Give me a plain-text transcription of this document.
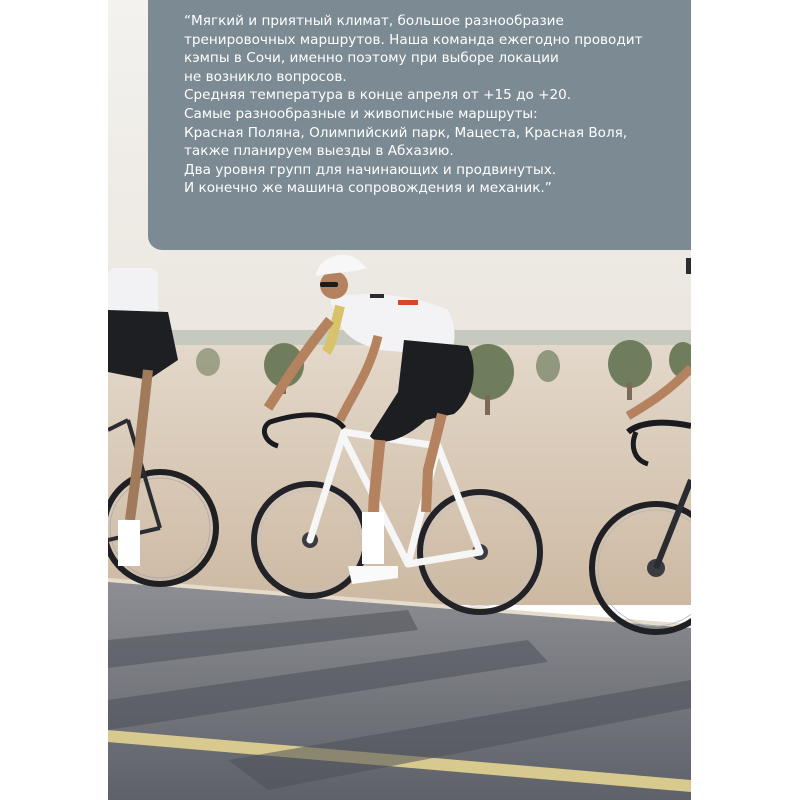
“Мягкий и приятный климат, большое разнообразие
тренировочных маршрутов. Наша команда ежегодно проводит
кэмпы в Сочи, именно поэтому при выборе локации
не возникло вопросов.
Средняя температура в конце апреля от +15 до +20.
Самые разнообразные и живописные маршруты:
Красная Поляна, Олимпийский парк, Мацеста, Красная Воля,
также планируем выезды в Абхазию.
Два уровня групп для начинающих и продвинутых.
И конечно же машина сопровождения и механик.”
